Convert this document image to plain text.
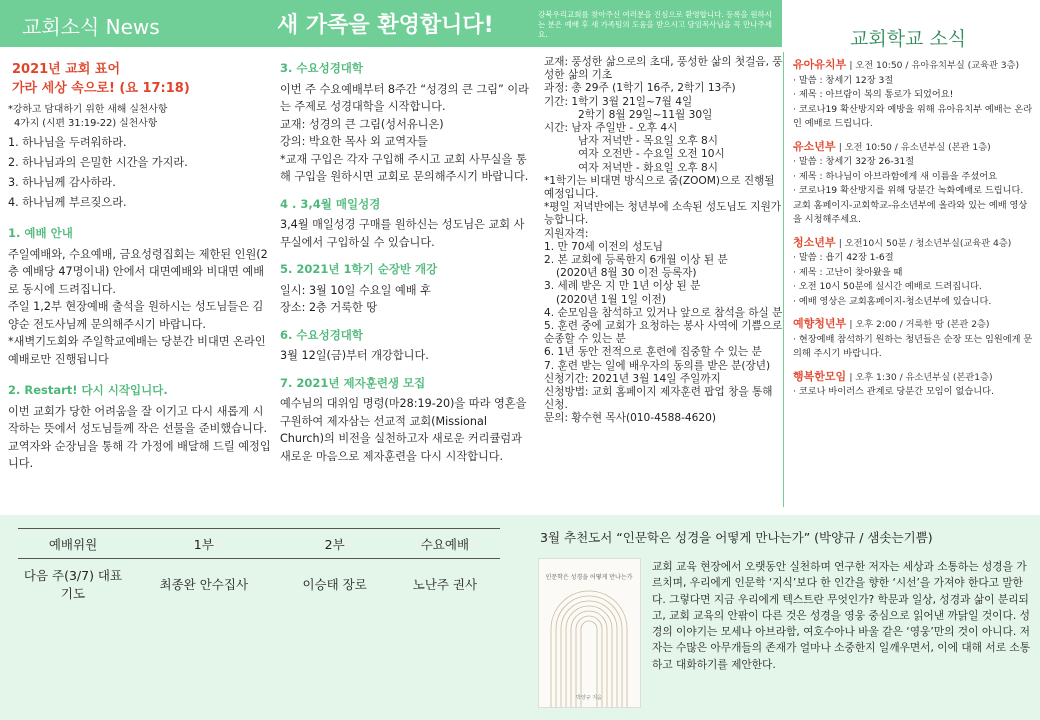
교회소식 News	새 가족을 환영합니다!	강북우리교회를 찾아주신 여러분을 진심으로 환영합니다. 등록을 원하시는 분은 예배 후 새 가족팀의 도움을 받으시고 담임목사님을 꼭 만나주세요.	교회학교 소식
2021년 교회 표어
가라 세상 속으로! (요 17:18)
*강하고 담대하기 위한 새해 실천사항
4가지 (시편 31:19-22) 실천사항
1. 하나님을 두려워하라.
2. 하나님과의 은밀한 시간을 가지라.
3. 하나님께 감사하라.
4. 하나님께 부르짖으라.
1. 예배 안내
주일예배와, 수요예배, 금요성령집회는 제한된 인원(2층 예배당 47명이내) 안에서 대면예배와 비대면 예배로 동시에 드려집니다.
주일 1,2부 현장예배 출석을 원하시는 성도님들은 김양순 전도사님께 문의해주시기 바랍니다.
*새벽기도회와 주일학교예배는 당분간 비대면 온라인 예배로만 진행됩니다
2. Restart! 다시 시작입니다.
이번 교회가 당한 어려움을 잘 이기고 다시 새롭게 시작하는 뜻에서 성도님들께 작은 선물을 준비했습니다. 교역자와 순장님을 통해 각 가정에 배달해 드릴 예정입니다.
3. 수요성경대학
이번 주 수요예배부터 8주간 “성경의 큰 그림” 이라는 주제로 성경대학을 시작합니다.
교재: 성경의 큰 그림(성서유니온)
강의: 박요한 목사 외 교역자들
*교재 구입은 각자 구입해 주시고 교회 사무실을 통해 구입을 원하시면 교회로 문의해주시기 바랍니다.
4 . 3,4월 매일성경
3,4월 매일성경 구매를 원하신는 성도님은 교회 사무실에서 구입하실 수 있습니다.
5. 2021년 1학기 순장반 개강
일시: 3월 10일 수요일 예배 후
장소: 2층 거룩한 땅
6. 수요성경대학
3월 12일(금)부터 개강합니다.
7. 2021년 제자훈련생 모집
예수님의 대위임 명령(마28:19-20)을 따라 영혼을 구원하여 제자삼는 선교적 교회(Missional Church)의 비전을 실천하고자 새로운 커리큘럼과 새로운 마음으로 제자훈련을 다시 시작합니다.
교재: 풍성한 삶으로의 초대, 풍성한 삶의 첫걸음, 풍성한 삶의 기초
과정: 총 29주 (1학기 16주, 2학기 13주)
기간: 1학기 3월 21일~7월 4일
2학기 8월 29일~11월 30일
시간: 남자 주일반 - 오후 4시
남자 저녁반 - 목요일 오후 8시
여자 오전반 - 수요일 오전 10시
여자 저녁반 - 화요일 오후 8시
*1학기는 비대면 방식으로 줌(ZOOM)으로 진행될 예정입니다.
*평일 저녁반에는 청년부에 소속된 성도님도 지원가능합니다.
지원자격:
1. 만 70세 이전의 성도님
2. 본 교회에 등록한지 6개월 이상 된 분
(2020년 8월 30 이전 등록자)
3. 세례 받은 지 만 1년 이상 된 분
(2020년 1월 1일 이전)
4. 순모임을 참석하고 있거나 앞으로 참석을 하실 분
5. 훈련 중에 교회가 요청하는 봉사 사역에 기쁨으로 순종할 수 있는 분
6. 1년 동안 전적으로 훈련에 집중할 수 있는 분
7. 훈련 받는 일에 배우자의 동의를 받은 분(장년)
신청기간: 2021년 3월 14일 주일까지
신청방법: 교회 홈페이지 제자훈련 팝업 창을 통해 신청.
문의: 황수현 목사(010-4588-4620)
유아유치부 | 오전 10:50 / 유아유치부실 (교육관 3층)
· 말씀 : 창세기 12장 3절
· 제목 : 아브람이 복의 통로가 되었어요!
· 코로나19 확산방지와 예방을 위해 유아유치부 예배는 온라인 예배로 드립니다.
유소년부 | 오전 10:50 / 유소년부실 (본관 1층)
· 말씀 : 창세기 32장 26-31절
· 제목 : 하나님이 아브라함에게 새 이름을 주셨어요
· 코로나19 확산방지를 위해 당분간 녹화예배로 드립니다. 교회 홈페이지-교회학교-유소년부에 올라와 있는 예배 영상을 시청해주세요.
청소년부 | 오전10시 50분 / 청소년부실(교육관 4층)
· 말씀 : 욥기 42장 1-6절
· 제목 : 고난이 찾아왔을 때
· 오전 10시 50분에 실시간 예배로 드려집니다.
· 예배 영상은 교회홈페이지-청소년부에 있습니다.
예향청년부 | 오후 2:00 / 거룩한 땅 (본관 2층)
· 현장예배 참석하기 원하는 청년들은 순장 또는 임원에게 문의해 주시기 바랍니다.
행복한모임 | 오후 1:30 / 유소년부실 (본관1층)
· 코로나 바이러스 관계로 당분간 모임이 없습니다.
예배위원	1부	2부	수요예배
다음 주(3/7) 대표기도	최종완 안수집사	이승태 장로	노난주 권사
3월 추천도서 “인문학은 성경을 어떻게 만나는가” (박양규 / 샘솟는기쁨)
인문학은 성경을 어떻게 만나는가
박양규 지음
교회 교육 현장에서 오랫동안 실천하며 연구한 저자는 세상과 소통하는 성경을 가르치며, 우리에게 인문학 ‘지식’보다 한 인간을 향한 ‘시선’을 가져야 한다고 말한다. 그렇다면 지금 우리에게 텍스트란 무엇인가? 학문과 일상, 성경과 삶이 분리되고, 교회 교육의 안팎이 다른 것은 성경을 영웅 중심으로 읽어낸 까닭일 것이다. 성경의 이야기는 모세나 아브라함, 여호수아나 바울 같은 ‘영웅’만의 것이 아니다. 저자는 수많은 아무개들의 존재가 얼마나 소중한지 일깨우면서, 이에 대해 서로 소통하고 대화하기를 제안한다.
